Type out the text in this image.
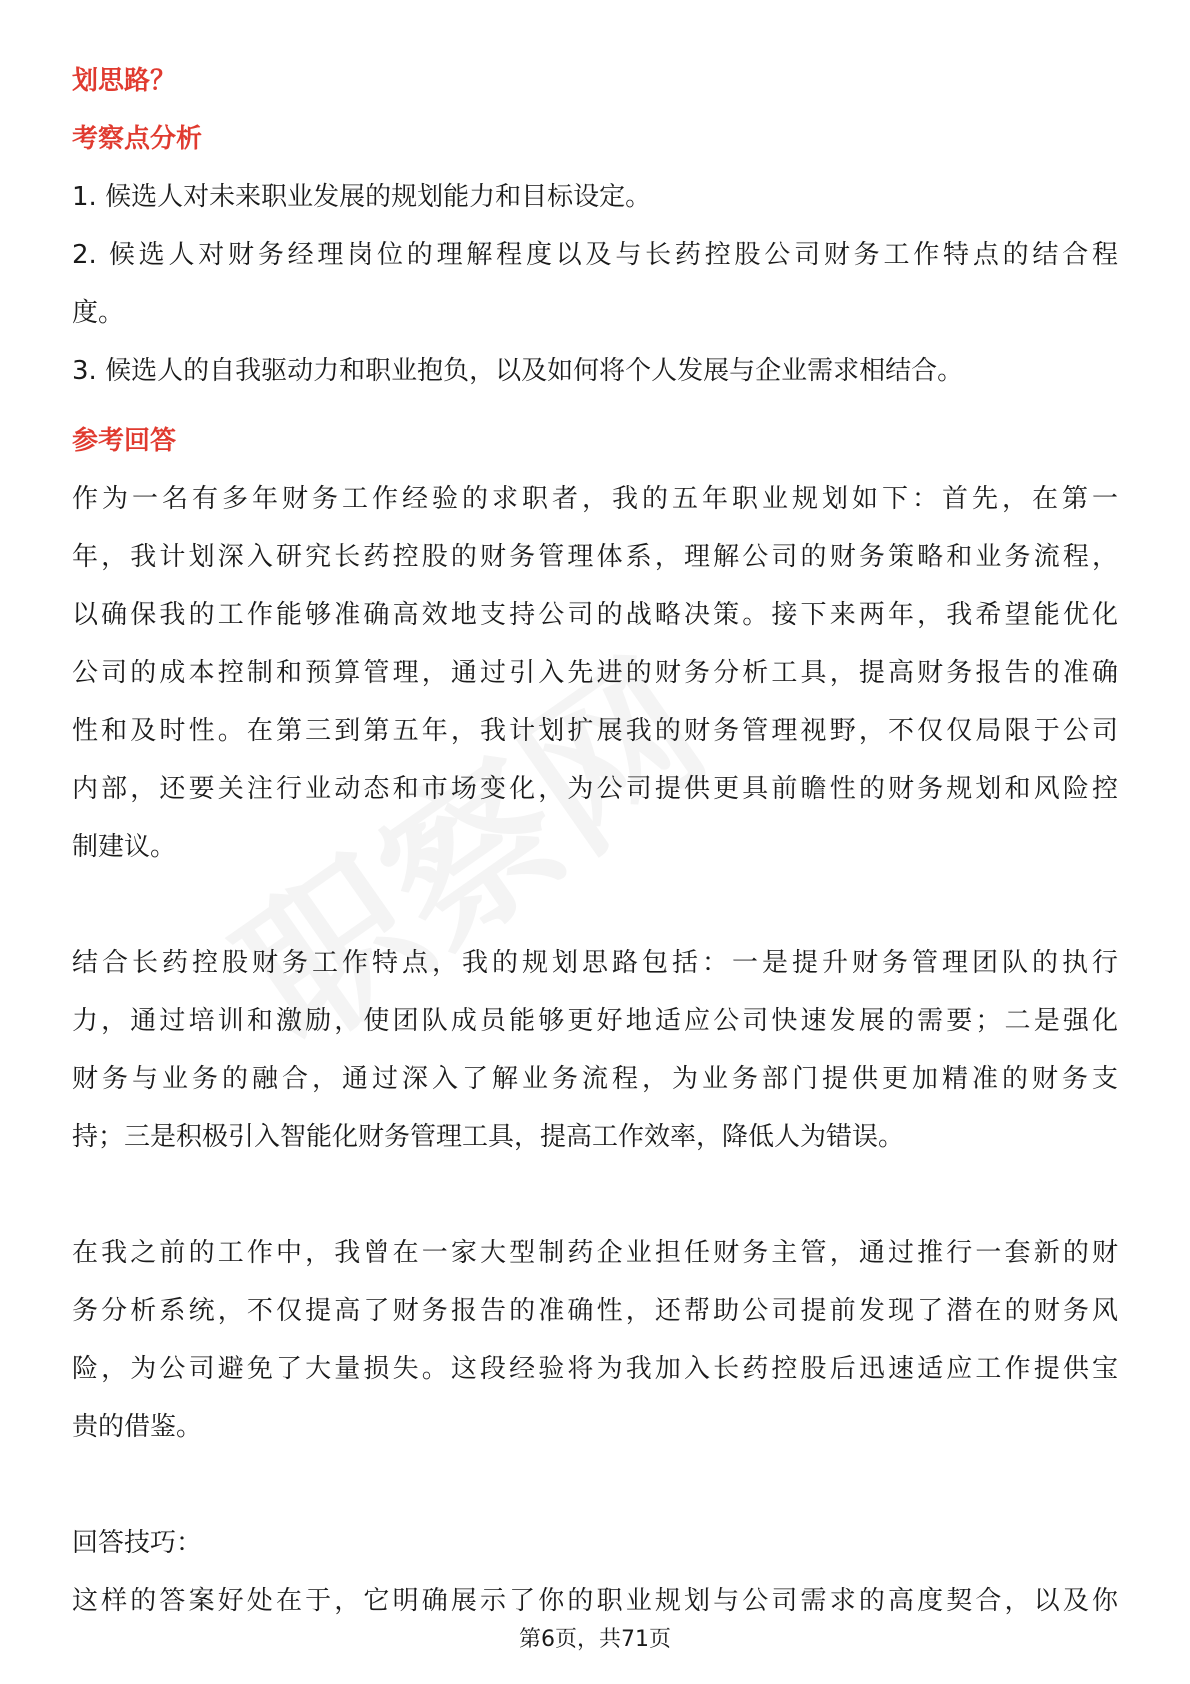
划思路？
考察点分析
1. 候选人对未来职业发展的规划能力和目标设定。
2. 候选人对财务经理岗位的理解程度以及与长药控股公司财务工作特点的结合程
度。
3. 候选人的自我驱动力和职业抱负，以及如何将个人发展与企业需求相结合。
参考回答
作为一名有多年财务工作经验的求职者，我的五年职业规划如下：首先，在第一
年，我计划深入研究长药控股的财务管理体系，理解公司的财务策略和业务流程，
以确保我的工作能够准确高效地支持公司的战略决策。接下来两年，我希望能优化
公司的成本控制和预算管理，通过引入先进的财务分析工具，提高财务报告的准确
性和及时性。在第三到第五年，我计划扩展我的财务管理视野，不仅仅局限于公司
内部，还要关注行业动态和市场变化，为公司提供更具前瞻性的财务规划和风险控
制建议。
结合长药控股财务工作特点，我的规划思路包括：一是提升财务管理团队的执行
力，通过培训和激励，使团队成员能够更好地适应公司快速发展的需要；二是强化
财务与业务的融合，通过深入了解业务流程，为业务部门提供更加精准的财务支
持；三是积极引入智能化财务管理工具，提高工作效率，降低人为错误。
在我之前的工作中，我曾在一家大型制药企业担任财务主管，通过推行一套新的财
务分析系统，不仅提高了财务报告的准确性，还帮助公司提前发现了潜在的财务风
险，为公司避免了大量损失。这段经验将为我加入长药控股后迅速适应工作提供宝
贵的借鉴。
回答技巧：
这样的答案好处在于，它明确展示了你的职业规划与公司需求的高度契合，以及你
第6页，共71页
